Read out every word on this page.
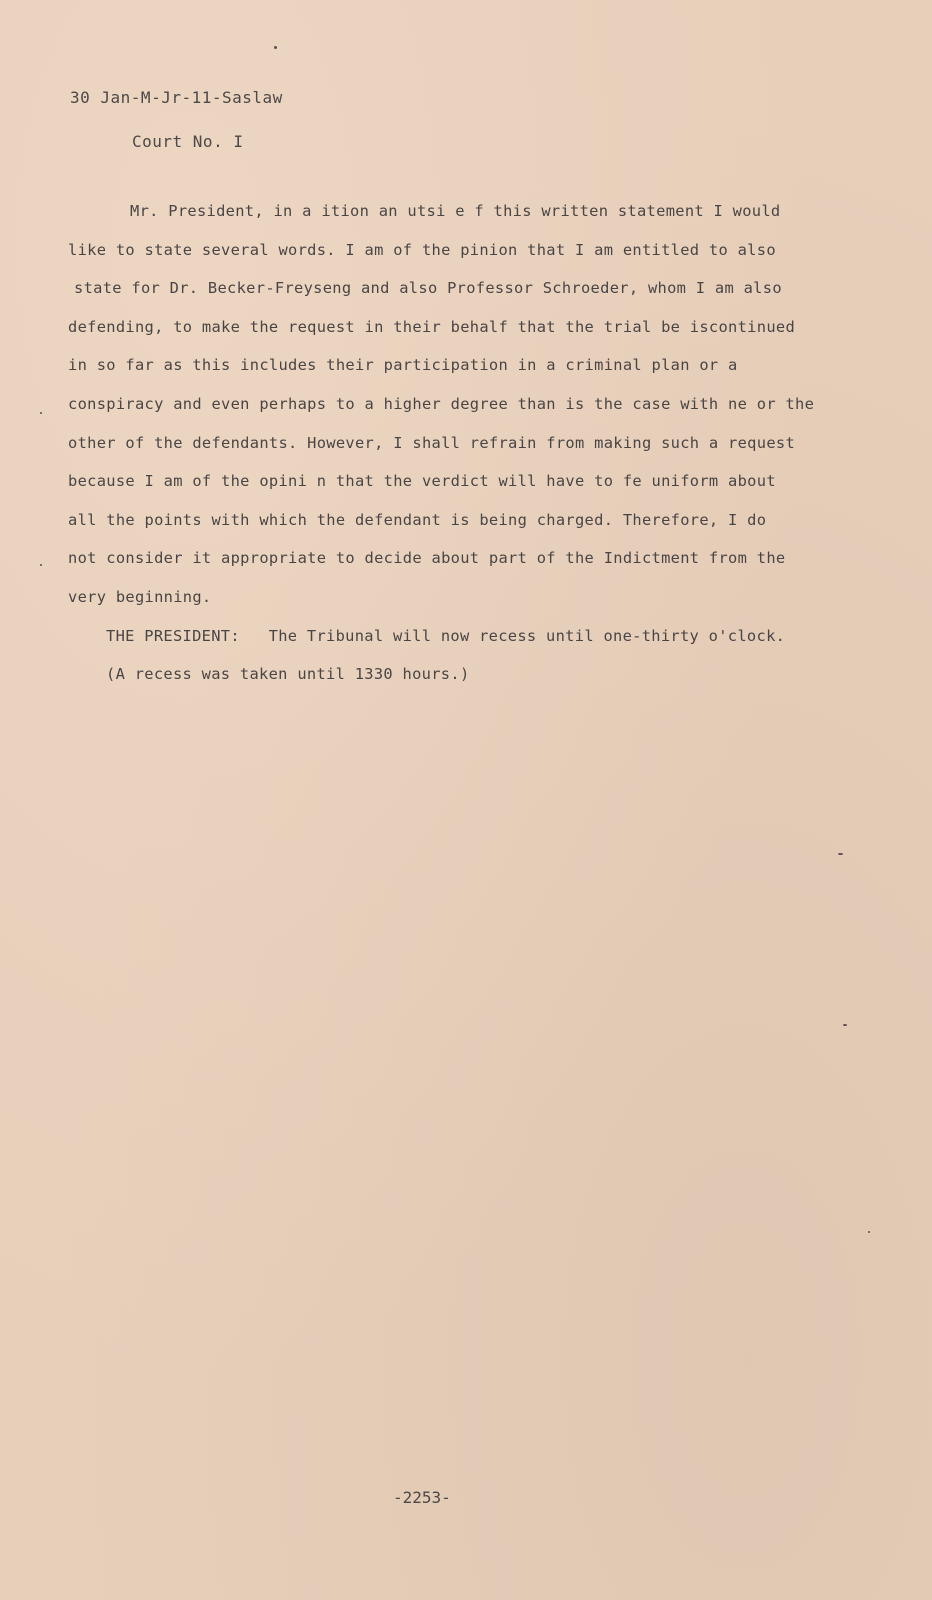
30 Jan-M-Jr-11-Saslaw
Court No. I
Mr. President, in a ition an utsi e f this written statement I would
like to state several words. I am of the pinion that I am entitled to also
state for Dr. Becker-Freyseng and also Professor Schroeder, whom I am also
defending, to make the request in their behalf that the trial be iscontinued
in so far as this includes their participation in a criminal plan or a
conspiracy and even perhaps to a higher degree than is the case with ne or the
other of the defendants. However, I shall refrain from making such a request
because I am of the opini n that the verdict will have to fe uniform about
all the points with which the defendant is being charged. Therefore, I do
not consider it appropriate to decide about part of the Indictment from the
very beginning.
THE PRESIDENT: The Tribunal will now recess until one-thirty o'clock.
(A recess was taken until 1330 hours.)
-2253-
